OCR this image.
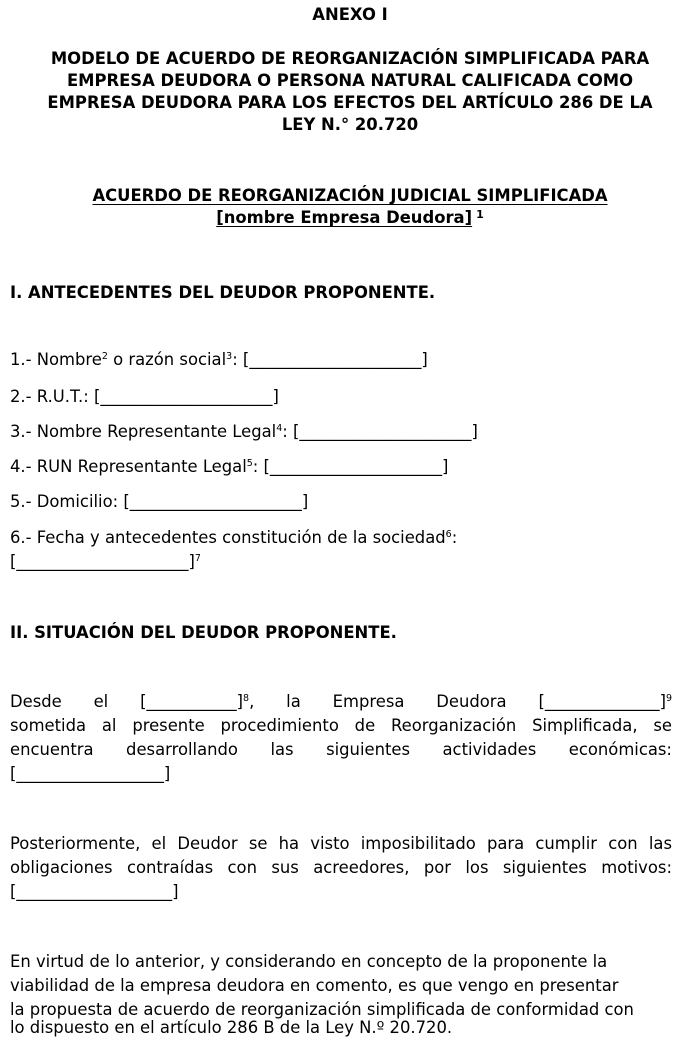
ANEXO I
MODELO DE ACUERDO DE REORGANIZACIÓN SIMPLIFICADA PARA
EMPRESA DEUDORA O PERSONA NATURAL CALIFICADA COMO
EMPRESA DEUDORA PARA LOS EFECTOS DEL ARTÍCULO 286 DE LA
LEY N.° 20.720
ACUERDO DE REORGANIZACIÓN JUDICIAL SIMPLIFICADA
[nombre Empresa Deudora] $^1$
I. ANTECEDENTES DEL DEUDOR PROPONENTE.
1.- Nombre$^2$ o razón social$^3$: [_____________________]
2.- R.U.T.: [_____________________]
3.- Nombre Representante Legal$^4$: [_____________________]
4.- RUN Representante Legal$^5$: [_____________________]
5.- Domicilio: [_____________________]
6.- Fecha y antecedentes constitución de la sociedad$^6$:
[_____________________]$^7$
II. SITUACIÓN DEL DEUDOR PROPONENTE.
Desde el [___________]$^8$, la Empresa Deudora [______________]$^9$
sometida al presente procedimiento de Reorganización Simplificada, se
encuentra desarrollando las siguientes actividades económicas:
[__________________]
Posteriormente, el Deudor se ha visto imposibilitado para cumplir con las
obligaciones contraídas con sus acreedores, por los siguientes motivos:
[___________________]
En virtud de lo anterior, y considerando en concepto de la proponente la
viabilidad de la empresa deudora en comento, es que vengo en presentar
la propuesta de acuerdo de reorganización simplificada de conformidad con
lo dispuesto en el artículo 286 B de la Ley N.º 20.720.
